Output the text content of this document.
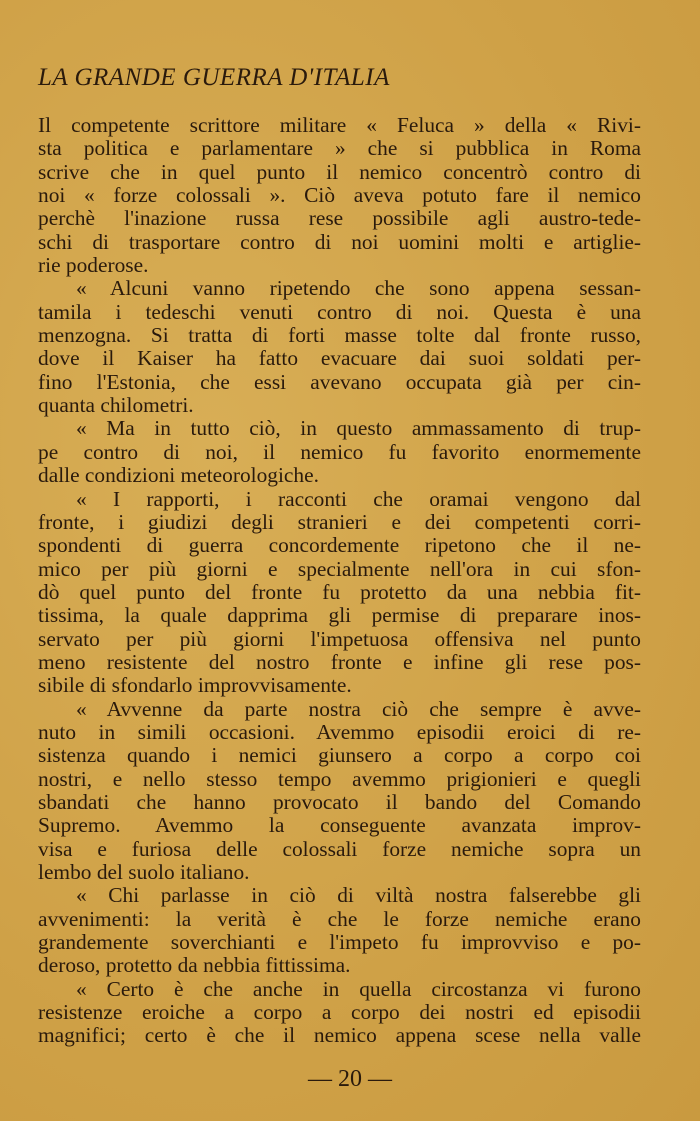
LA GRANDE GUERRA D'ITALIA
Il competente scrittore militare « Feluca » della « Rivi-
sta politica e parlamentare » che si pubblica in Roma
scrive che in quel punto il nemico concentrò contro di
noi « forze colossali ». Ciò aveva potuto fare il nemico
perchè l'inazione russa rese possibile agli austro-tede-
schi di trasportare contro di noi uomini molti e artiglie-
rie poderose.
« Alcuni vanno ripetendo che sono appena sessan-
tamila i tedeschi venuti contro di noi. Questa è una
menzogna. Si tratta di forti masse tolte dal fronte russo,
dove il Kaiser ha fatto evacuare dai suoi soldati per-
fino l'Estonia, che essi avevano occupata già per cin-
quanta chilometri.
« Ma in tutto ciò, in questo ammassamento di trup-
pe contro di noi, il nemico fu favorito enormemente
dalle condizioni meteorologiche.
« I rapporti, i racconti che oramai vengono dal
fronte, i giudizi degli stranieri e dei competenti corri-
spondenti di guerra concordemente ripetono che il ne-
mico per più giorni e specialmente nell'ora in cui sfon-
dò quel punto del fronte fu protetto da una nebbia fit-
tissima, la quale dapprima gli permise di preparare inos-
servato per più giorni l'impetuosa offensiva nel punto
meno resistente del nostro fronte e infine gli rese pos-
sibile di sfondarlo improvvisamente.
« Avvenne da parte nostra ciò che sempre è avve-
nuto in simili occasioni. Avemmo episodii eroici di re-
sistenza quando i nemici giunsero a corpo a corpo coi
nostri, e nello stesso tempo avemmo prigionieri e quegli
sbandati che hanno provocato il bando del Comando
Supremo. Avemmo la conseguente avanzata improv-
visa e furiosa delle colossali forze nemiche sopra un
lembo del suolo italiano.
« Chi parlasse in ciò di viltà nostra falserebbe gli
avvenimenti: la verità è che le forze nemiche erano
grandemente soverchianti e l'impeto fu improvviso e po-
deroso, protetto da nebbia fittissima.
« Certo è che anche in quella circostanza vi furono
resistenze eroiche a corpo a corpo dei nostri ed episodii
magnifici; certo è che il nemico appena scese nella valle
— 20 —
